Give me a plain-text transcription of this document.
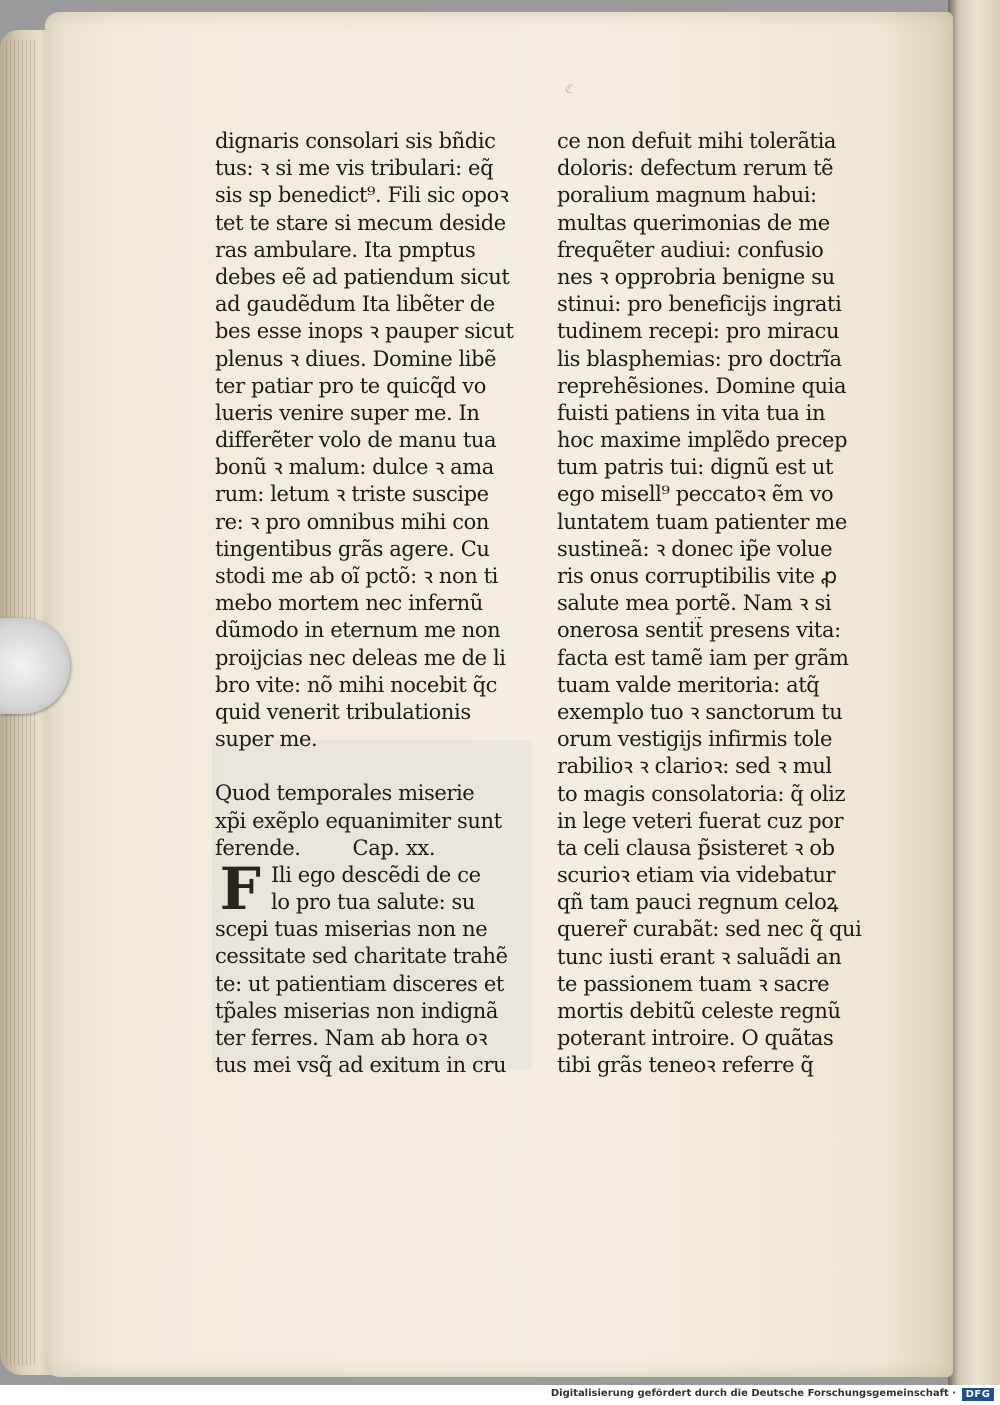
ℭ
dignaris consolari sis bñdic
tus: ꝛ si me vis tribulari: eq̃
sis sp benedict⁹. Fili sic opoꝛ
tet te stare si mecum deside
ras ambulare. Ita pmptus
debes eẽ ad patiendum sicut
ad gaudẽdum Ita libẽter de
bes esse inops ꝛ pauper sicut
plenus ꝛ diues. Domine libẽ
ter patiar pro te quicq̃d vo
lueris venire super me. In
differẽter volo de manu tua
bonũ ꝛ malum: dulce ꝛ ama
rum: letum ꝛ triste suscipe
re: ꝛ pro omnibus mihi con
tingentibus grãs agere. Cu
stodi me ab oĩ pctõ: ꝛ non ti
mebo mortem nec infernũ
dũmodo in eternum me non
proijcias nec deleas me de li
bro vite: nõ mihi nocebit q̃c
quid venerit tribulationis
super me.
Quod temporales miserie
xp̃i exẽplo equanimiter sunt
ferende. Cap. xx.
F Ili ego descẽdi de ce
lo pro tua salute: su
scepi tuas miserias non ne
cessitate sed charitate trahẽ
te: ut patientiam disceres et
tp̃ales miserias non indignã
ter ferres. Nam ab hora oꝛ
tus mei vsq̃ ad exitum in cru
ce non defuit mihi tolerãtia
doloris: defectum rerum tẽ
poralium magnum habui:
multas querimonias de me
frequẽter audiui: confusio
nes ꝛ opprobria benigne su
stinui: pro beneficijs ingrati
tudinem recepi: pro miracu
lis blasphemias: pro doctrĩa
reprehẽsiones. Domine quia
fuisti patiens in vita tua in
hoc maxime implẽdo precep
tum patris tui: dignũ est ut
ego misell⁹ peccatoꝛ ẽm vo
luntatem tuam patienter me
sustineã: ꝛ donec ip̃e volue
ris onus corruptibilis vite ꝓ
salute mea portẽ. Nam ꝛ si
onerosa sentit̃ presens vita:
facta est tamẽ iam per grãm
tuam valde meritoria: atq̃
exemplo tuo ꝛ sanctorum tu
orum vestigijs infirmis tole
rabilioꝛ ꝛ clarioꝛ: sed ꝛ mul
to magis consolatoria: q̃ oliz
in lege veteri fuerat cuz por
ta celi clausa p̃sisteret ꝛ ob
scurioꝛ etiam via videbatur
qñ tam pauci regnum celoꝝ
querer̃ curabãt: sed nec q̃ qui
tunc iusti erant ꝛ saluãdi an
te passionem tuam ꝛ sacre
mortis debitũ celeste regnũ
poterant introire. O quãtas
tibi grãs teneoꝛ referre q̃
Digitalisierung gefördert durch die Deutsche Forschungsgemeinschaft · DFG
